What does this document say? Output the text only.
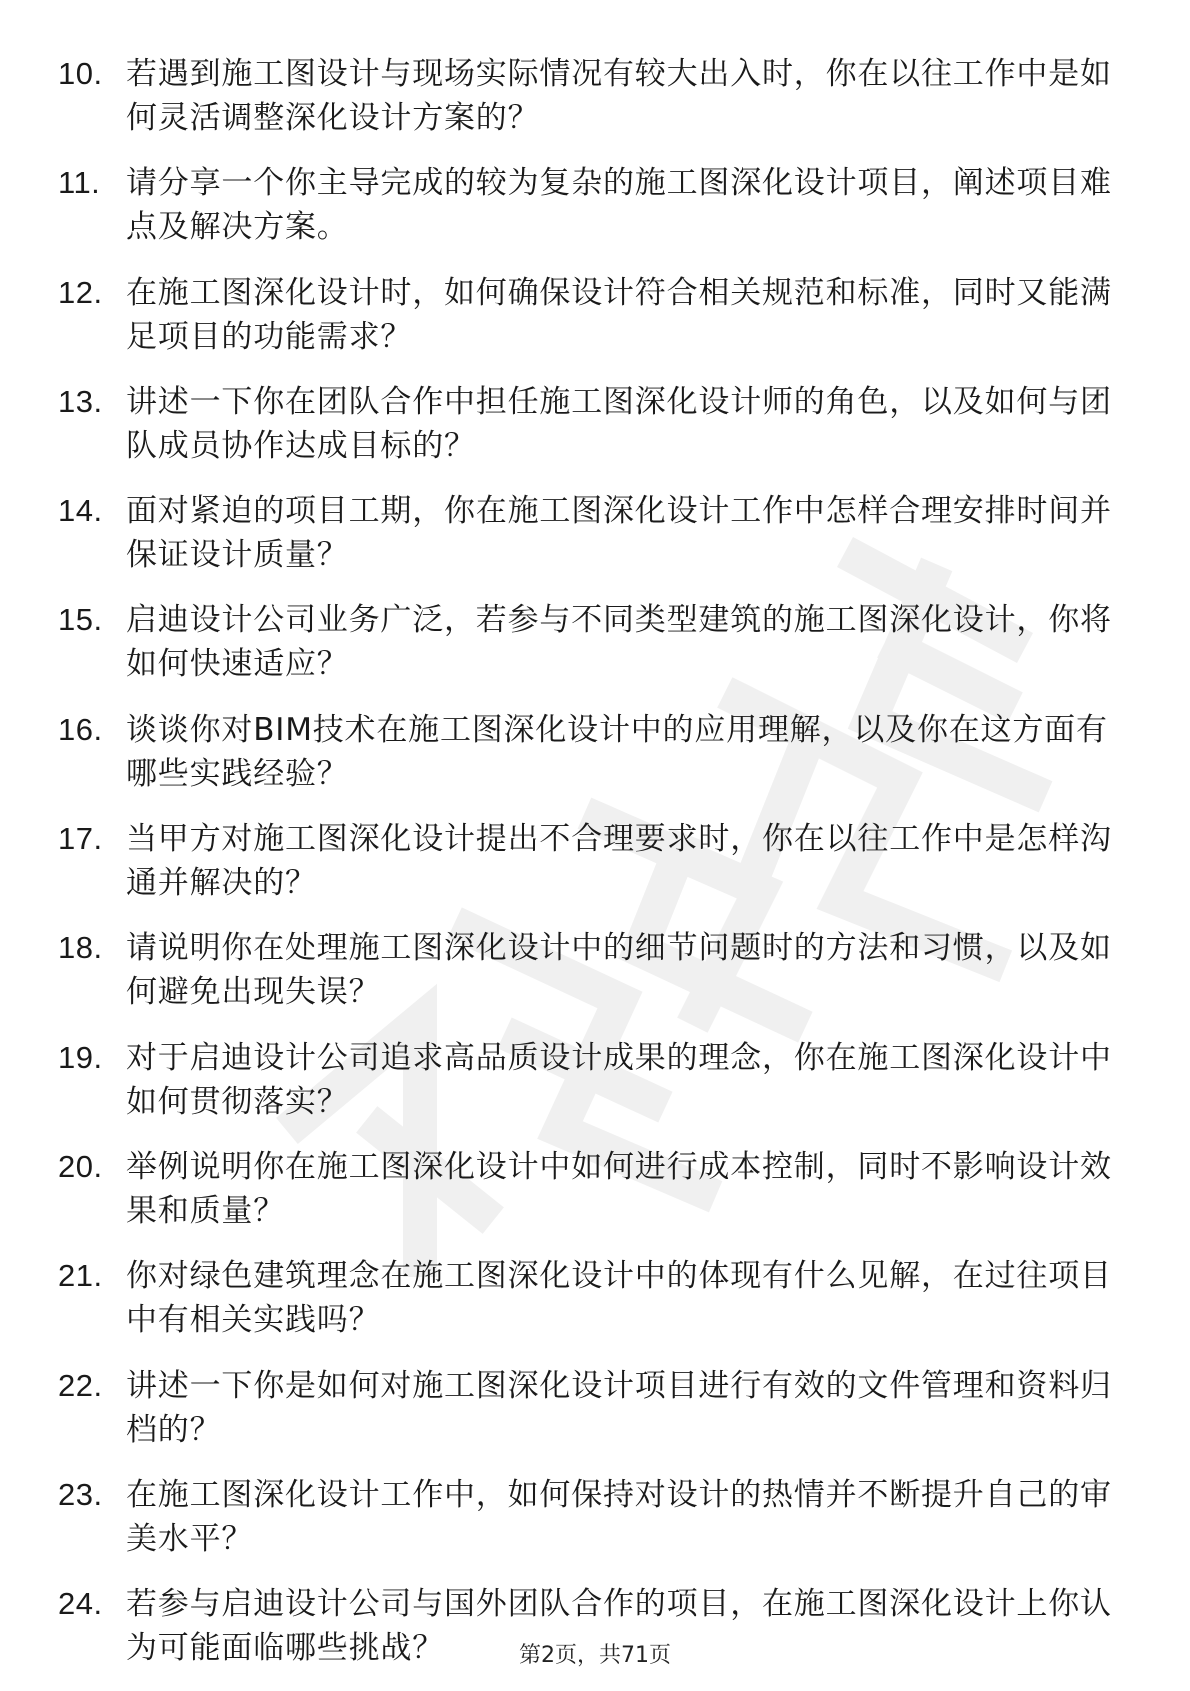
10. 若遇到施工图设计与现场实际情况有较大出入时，你在以往工作中是如何灵活调整深化设计方案的？
11. 请分享一个你主导完成的较为复杂的施工图深化设计项目，阐述项目难点及解决方案。
12. 在施工图深化设计时，如何确保设计符合相关规范和标准，同时又能满足项目的功能需求？
13. 讲述一下你在团队合作中担任施工图深化设计师的角色，以及如何与团队成员协作达成目标的？
14. 面对紧迫的项目工期，你在施工图深化设计工作中怎样合理安排时间并保证设计质量？
15. 启迪设计公司业务广泛，若参与不同类型建筑的施工图深化设计，你将如何快速适应？
16. 谈谈你对BIM技术在施工图深化设计中的应用理解，以及你在这方面有哪些实践经验？
17. 当甲方对施工图深化设计提出不合理要求时，你在以往工作中是怎样沟通并解决的？
18. 请说明你在处理施工图深化设计中的细节问题时的方法和习惯，以及如何避免出现失误？
19. 对于启迪设计公司追求高品质设计成果的理念，你在施工图深化设计中如何贯彻落实？
20. 举例说明你在施工图深化设计中如何进行成本控制，同时不影响设计效果和质量？
21. 你对绿色建筑理念在施工图深化设计中的体现有什么见解，在过往项目中有相关实践吗？
22. 讲述一下你是如何对施工图深化设计项目进行有效的文件管理和资料归档的？
23. 在施工图深化设计工作中，如何保持对设计的热情并不断提升自己的审美水平？
24. 若参与启迪设计公司与国外团队合作的项目，在施工图深化设计上你认为可能面临哪些挑战？	第2页，共71页
